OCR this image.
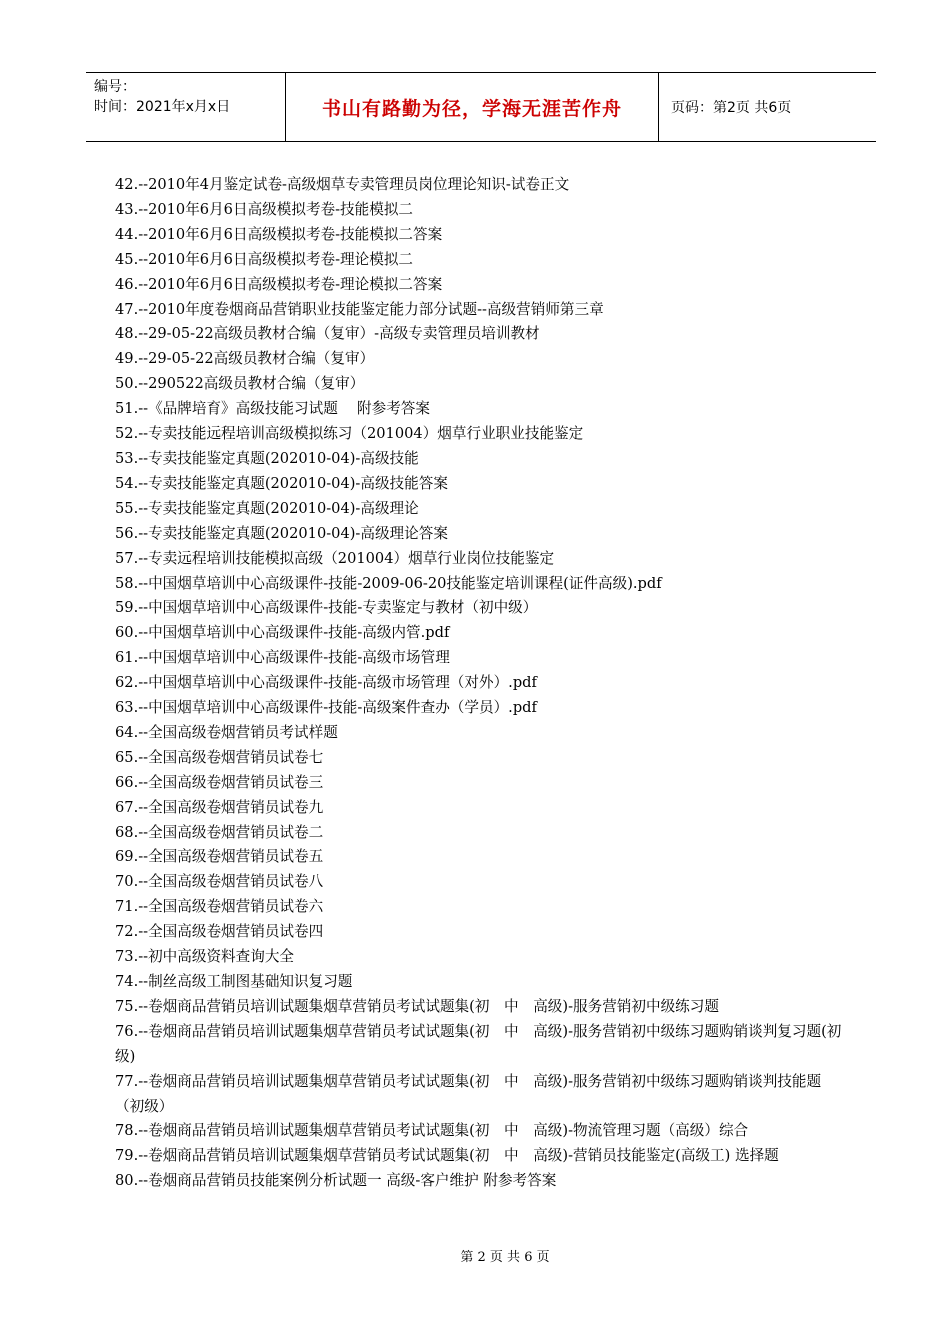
编号：
时间：2021年x月x日	书山有路勤为径，学海无涯苦作舟	页码：第2页 共6页
42.--2010年4月鉴定试卷-高级烟草专卖管理员岗位理论知识-试卷正文
43.--2010年6月6日高级模拟考卷-技能模拟二
44.--2010年6月6日高级模拟考卷-技能模拟二答案
45.--2010年6月6日高级模拟考卷-理论模拟二
46.--2010年6月6日高级模拟考卷-理论模拟二答案
47.--2010年度卷烟商品营销职业技能鉴定能力部分试题--高级营销师第三章
48.--29-05-22高级员教材合编（复审）-高级专卖管理员培训教材
49.--29-05-22高级员教材合编（复审）
50.--290522高级员教材合编（复审）
51.--《品牌培育》高级技能习试题　 附参考答案
52.--专卖技能远程培训高级模拟练习（201004）烟草行业职业技能鉴定
53.--专卖技能鉴定真题(202010-04)-高级技能
54.--专卖技能鉴定真题(202010-04)-高级技能答案
55.--专卖技能鉴定真题(202010-04)-高级理论
56.--专卖技能鉴定真题(202010-04)-高级理论答案
57.--专卖远程培训技能模拟高级（201004）烟草行业岗位技能鉴定
58.--中国烟草培训中心高级课件-技能-2009-06-20技能鉴定培训课程(证件高级).pdf
59.--中国烟草培训中心高级课件-技能-专卖鉴定与教材（初中级）
60.--中国烟草培训中心高级课件-技能-高级内管.pdf
61.--中国烟草培训中心高级课件-技能-高级市场管理
62.--中国烟草培训中心高级课件-技能-高级市场管理（对外）.pdf
63.--中国烟草培训中心高级课件-技能-高级案件查办（学员）.pdf
64.--全国高级卷烟营销员考试样题
65.--全国高级卷烟营销员试卷七
66.--全国高级卷烟营销员试卷三
67.--全国高级卷烟营销员试卷九
68.--全国高级卷烟营销员试卷二
69.--全国高级卷烟营销员试卷五
70.--全国高级卷烟营销员试卷八
71.--全国高级卷烟营销员试卷六
72.--全国高级卷烟营销员试卷四
73.--初中高级资料查询大全
74.--制丝高级工制图基础知识复习题
75.--卷烟商品营销员培训试题集烟草营销员考试试题集(初　中　高级)-服务营销初中级练习题
76.--卷烟商品营销员培训试题集烟草营销员考试试题集(初　中　高级)-服务营销初中级练习题购销谈判复习题(初级)
77.--卷烟商品营销员培训试题集烟草营销员考试试题集(初　中　高级)-服务营销初中级练习题购销谈判技能题（初级）
78.--卷烟商品营销员培训试题集烟草营销员考试试题集(初　中　高级)-物流管理习题（高级）综合
79.--卷烟商品营销员培训试题集烟草营销员考试试题集(初　中　高级)-营销员技能鉴定(高级工) 选择题
80.--卷烟商品营销员技能案例分析试题一 高级-客户维护 附参考答案
第 2 页 共 6 页
